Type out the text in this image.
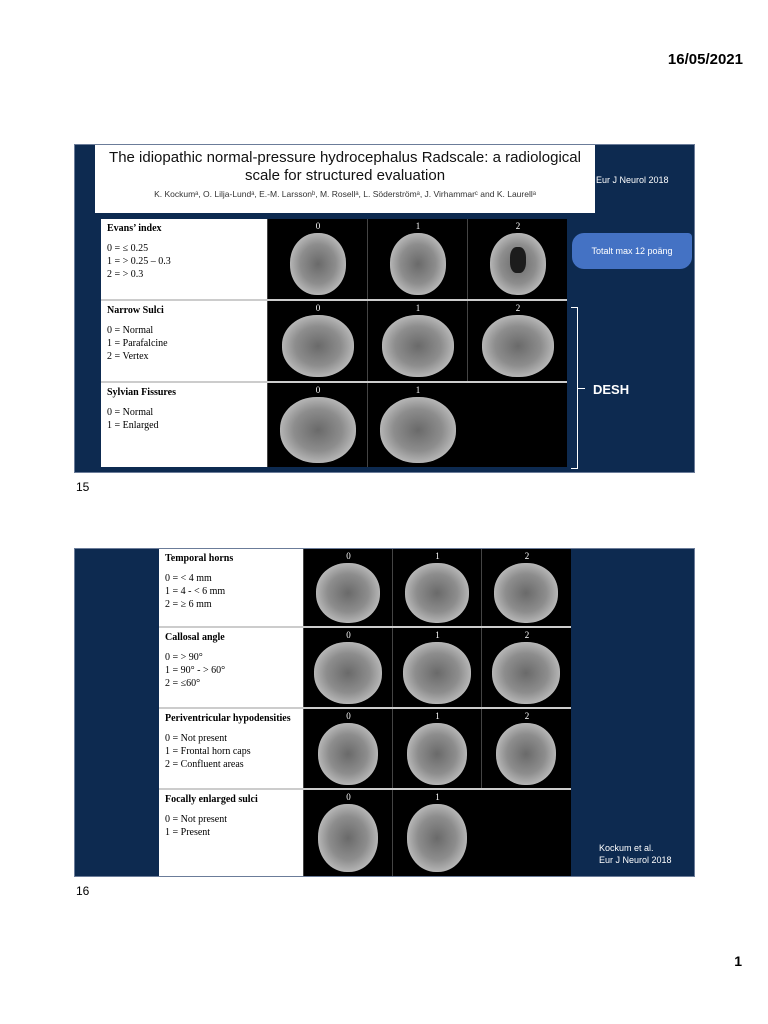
16/05/2021
The idiopathic normal-pressure hydrocephalus Radscale: a radiological scale for structured evaluation
K. Kockumᵃ, O. Lilja-Lundᵃ, E.-M. Larssonᵇ, M. Rosellᵃ, L. Söderströmᵃ, J. Virhammarᶜ and K. Laurellᵃ
Eur J Neurol 2018
Evans’ index
0 = ≤ 0.25
1 = > 0.25 – 0.3
2 = > 0.3
0	1	2
Narrow Sulci
0 = Normal
1 = Parafalcine
2 = Vertex
0	1	2
Sylvian Fissures
0 = Normal
1 = Enlarged
0	1
Totalt max 12 poäng
DESH
15
Temporal horns
0 = < 4 mm
1 = 4 - < 6 mm
2 = ≥ 6 mm
0	1	2
Callosal angle
0 = > 90°
1 = 90° - > 60°
2 = ≤60°
0	1	2
Periventricular hypodensities
0 = Not present
1 = Frontal horn caps
2 = Confluent areas
0	1	2
Focally enlarged sulci
0 = Not present
1 = Present
0	1
Kockum et al.
Eur J Neurol 2018
16
1
